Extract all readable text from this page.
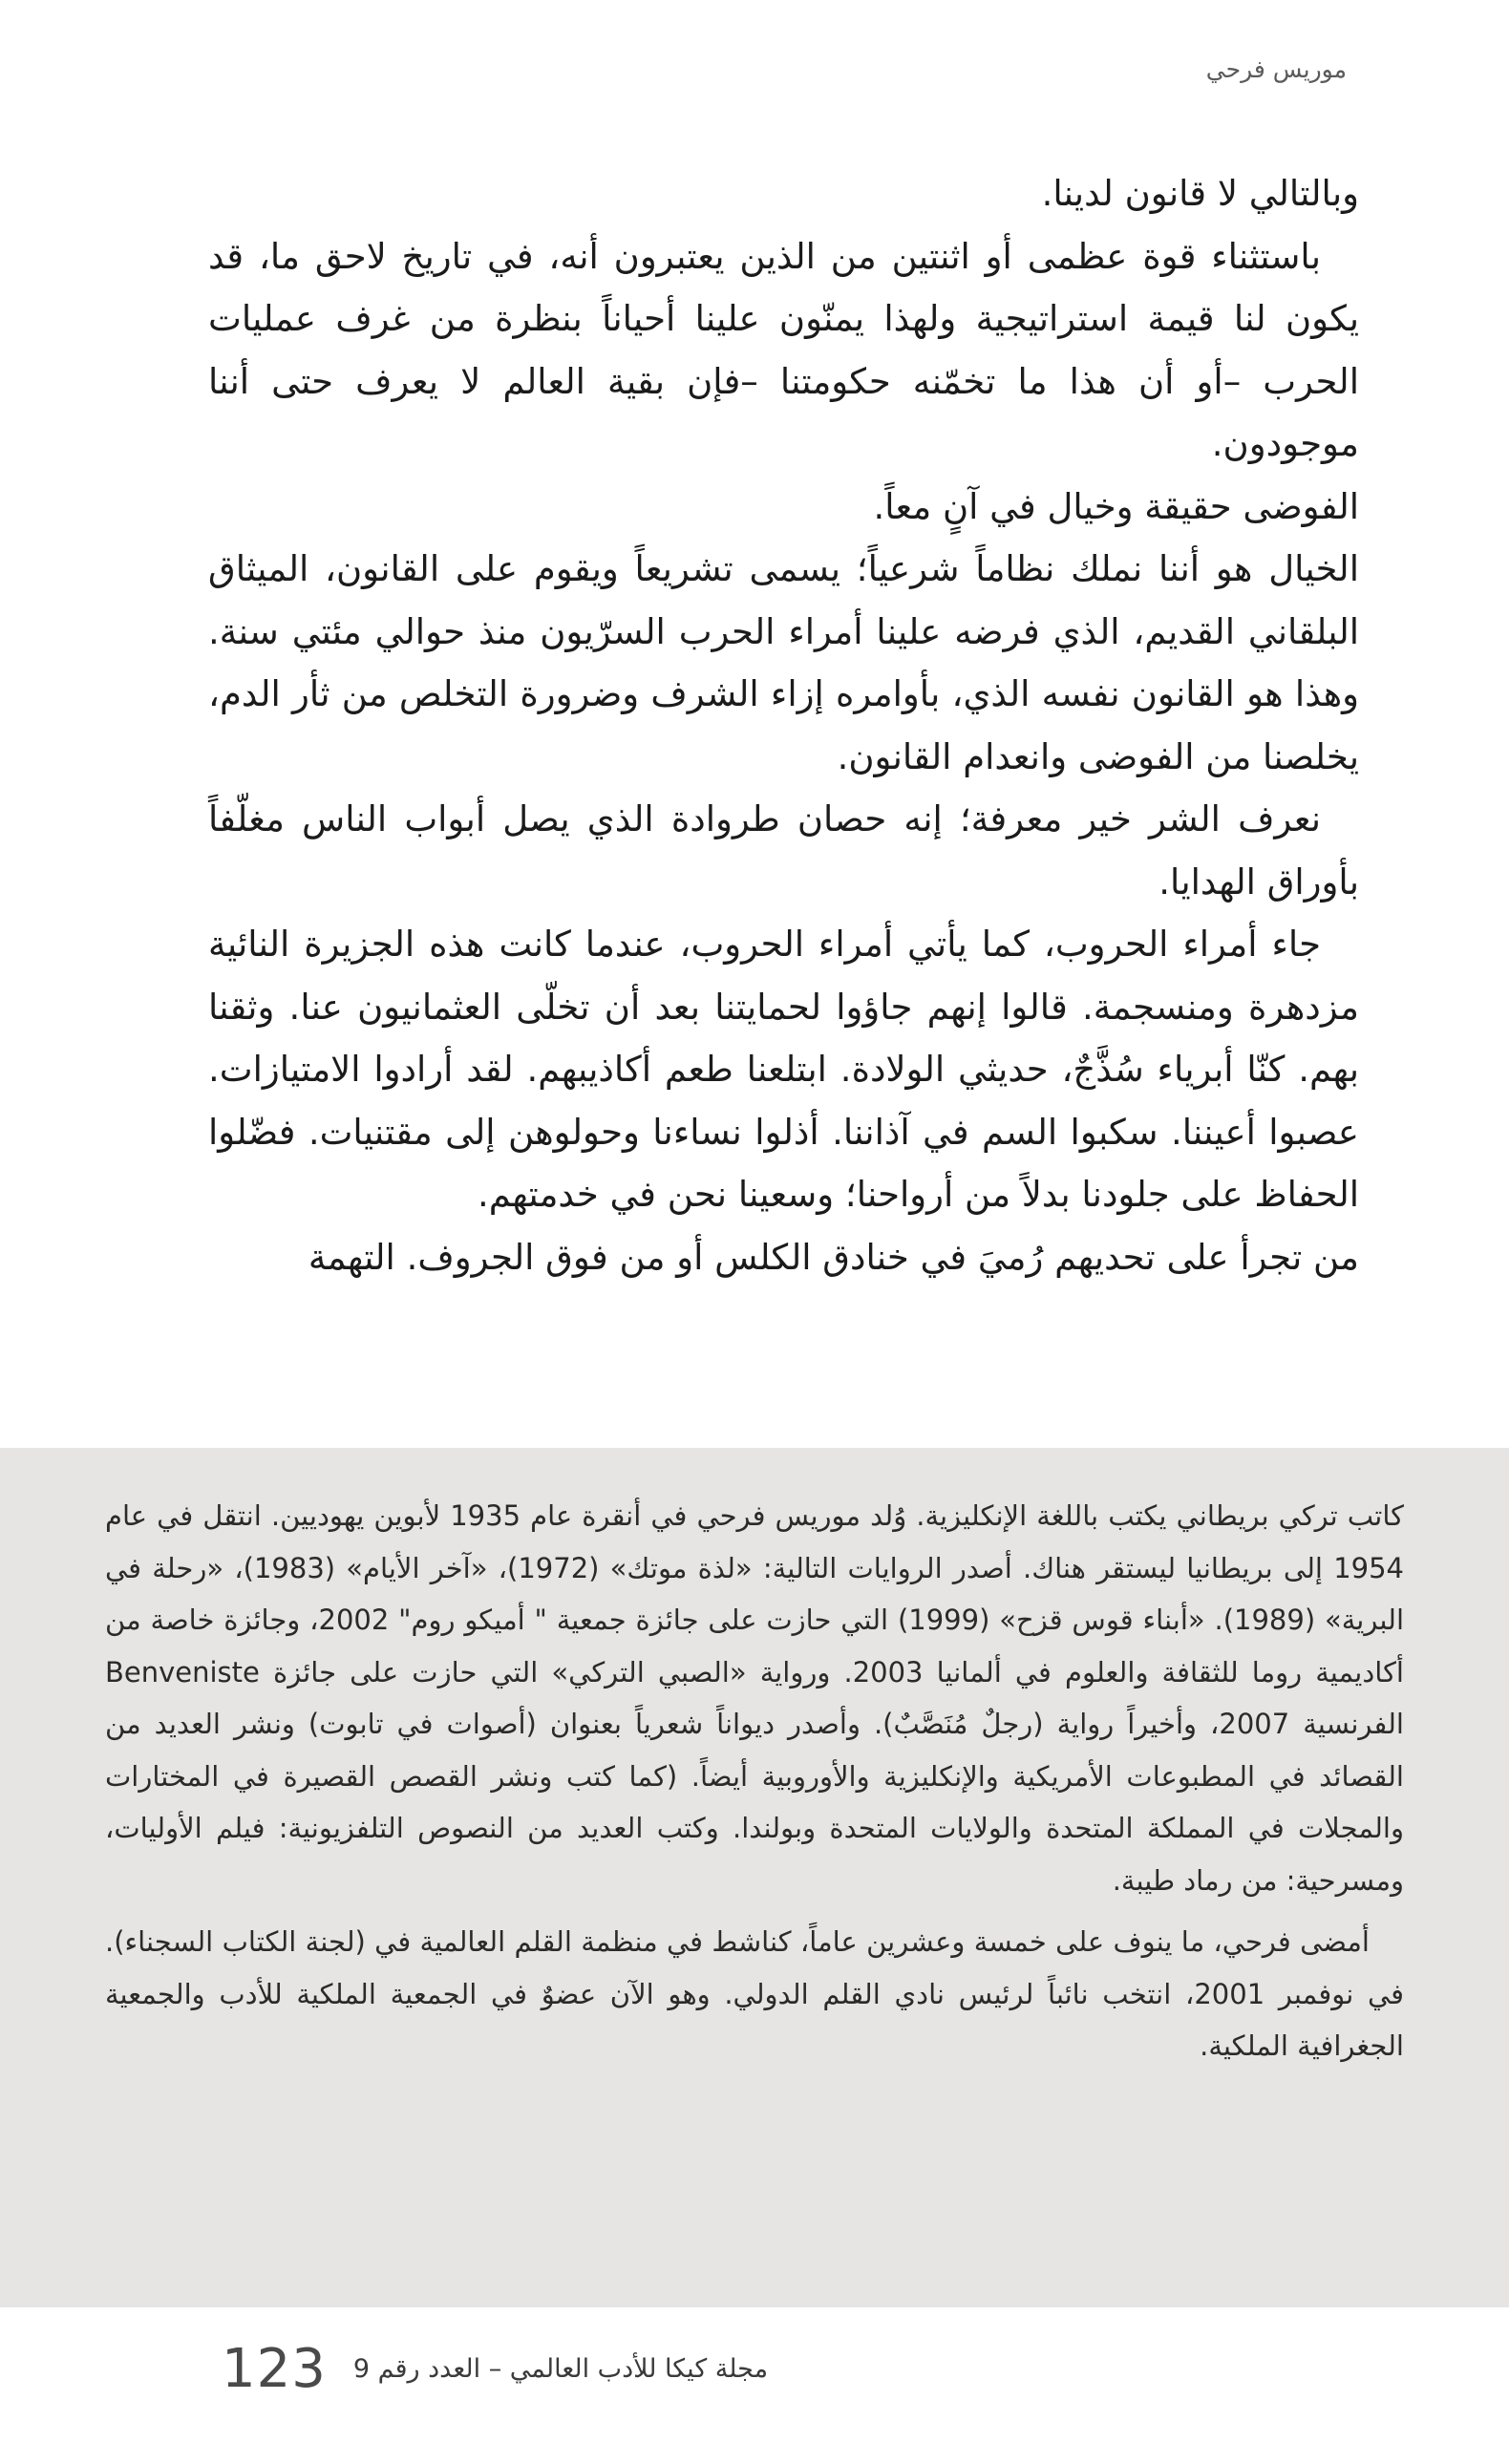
موريس فرحي

وبالتالي لا قانون لدينا.

باستثناء قوة عظمى أو اثنتين من الذين يعتبرون أنه، في تاريخ لاحق ما، قد يكون لنا قيمة استراتيجية ولهذا يمنّون علينا أحياناً بنظرة من غرف عمليات الحرب –أو أن هذا ما تخمّنه حكومتنا –فإن بقية العالم لا يعرف حتى أننا موجودون.

الفوضى حقيقة وخيال في آنٍ معاً.

الخيال هو أننا نملك نظاماً شرعياً؛ يسمى تشريعاً ويقوم على القانون، الميثاق البلقاني القديم، الذي فرضه علينا أمراء الحرب السرّيون منذ حوالي مئتي سنة. وهذا هو القانون نفسه الذي، بأوامره إزاء الشرف وضرورة التخلص من ثأر الدم، يخلصنا من الفوضى وانعدام القانون.

نعرف الشر خير معرفة؛ إنه حصان طروادة الذي يصل أبواب الناس مغلّفاً بأوراق الهدايا.

جاء أمراء الحروب، كما يأتي أمراء الحروب، عندما كانت هذه الجزيرة النائية مزدهرة ومنسجمة. قالوا إنهم جاؤوا لحمايتنا بعد أن تخلّى العثمانيون عنا. وثقنا بهم. كنّا أبرياء سُذَّجٌ، حديثي الولادة. ابتلعنا طعم أكاذيبهم. لقد أرادوا الامتيازات. عصبوا أعيننا. سكبوا السم في آذاننا. أذلوا نساءنا وحولوهن إلى مقتنيات. فضّلوا الحفاظ على جلودنا بدلاً من أرواحنا؛ وسعينا نحن في خدمتهم.

من تجرأ على تحديهم رُميَ في خنادق الكلس أو من فوق الجروف. التهمة

كاتب تركي بريطاني يكتب باللغة الإنكليزية. وُلد موريس فرحي في أنقرة عام 1935 لأبوين يهوديين. انتقل في عام 1954 إلى بريطانيا ليستقر هناك. أصدر الروايات التالية: «لذة موتك» (1972)، «آخر الأيام» (1983)، «رحلة في البرية» (1989). «أبناء قوس قزح» (1999) التي حازت على جائزة جمعية " أميكو روم" 2002، وجائزة خاصة من أكاديمية روما للثقافة والعلوم في ألمانيا 2003. ورواية «الصبي التركي» التي حازت على جائزة Benveniste الفرنسية 2007، وأخيراً رواية (رجلٌ مُنَصَّبٌ). وأصدر ديواناً شعرياً بعنوان (أصوات في تابوت) ونشر العديد من القصائد في المطبوعات الأمريكية والإنكليزية والأوروبية أيضاً. (كما كتب ونشر القصص القصيرة في المختارات والمجلات في المملكة المتحدة والولايات المتحدة وبولندا. وكتب العديد من النصوص التلفزيونية: فيلم الأوليات، ومسرحية: من رماد طيبة.

أمضى فرحي، ما ينوف على خمسة وعشرين عاماً، كناشط في منظمة القلم العالمية في (لجنة الكتاب السجناء). في نوفمبر 2001، انتخب نائباً لرئيس نادي القلم الدولي. وهو الآن عضوٌ في الجمعية الملكية للأدب والجمعية الجغرافية الملكية.

123 مجلة كيكا للأدب العالمي – العدد رقم 9
